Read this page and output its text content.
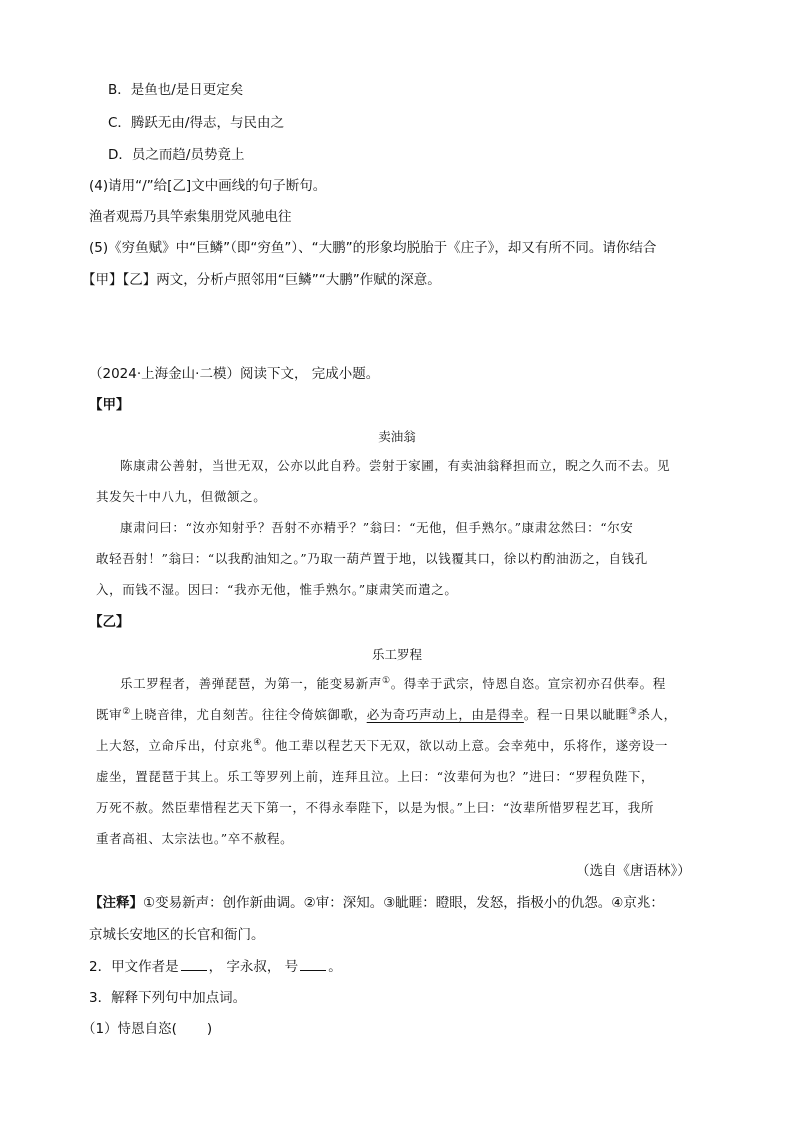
B．是鱼也/是日更定矣
C．腾跃无由/得志，与民由之
D．员之而趋/员势竟上
(4)请用“/”给[乙]文中画线的句子断句。
渔者观焉乃具竿索集朋党风驰电往
(5)《穷鱼赋》中“巨鳞”（即“穷鱼”）、“大鹏”的形象均脱胎于《庄子》，却又有所不同。请你结合
【甲】【乙】两文，分析卢照邻用“巨鳞”“大鹏”作赋的深意。
（2024·上海金山·二模）阅读下文， 完成小题。
【甲】
卖油翁
陈康肃公善射，当世无双，公亦以此自矜。尝射于家圃，有卖油翁释担而立，睨之久而不去。见
其发矢十中八九，但微颔之。
康肃问曰：“汝亦知射乎？吾射不亦精乎？”翁曰：“无他，但手熟尔。”康肃忿然曰：“尔安
敢轻吾射！”翁曰：“以我酌油知之。”乃取一葫芦置于地，以钱覆其口，徐以杓酌油沥之，自钱孔
入，而钱不湿。因曰：“我亦无他，惟手熟尔。”康肃笑而遣之。
【乙】
乐工罗程
乐工罗程者，善弹琵琶，为第一，能变易新声①。得幸于武宗，恃恩自恣。宣宗初亦召供奉。程
既审②上晓音律，尤自刻苦。往往令倚嫔御歌，必为奇巧声动上，由是得幸。程一日果以眦睚③杀人，
上大怒，立命斥出，付京兆④。他工辈以程艺天下无双，欲以动上意。会幸苑中，乐将作，遂旁设一
虚坐，置琵琶于其上。乐工等罗列上前，连拜且泣。上曰：“汝辈何为也？”进曰：“罗程负陛下，
万死不赦。然臣辈惜程艺天下第一，不得永奉陛下，以是为恨。”上曰：“汝辈所惜罗程艺耳，我所
重者高祖、太宗法也。”卒不赦程。
（选自《唐语林》）
【注释】①变易新声：创作新曲调。②审：深知。③眦睚：瞪眼，发怒，指极小的仇怨。④京兆：
京城长安地区的长官和衙门。
2．甲文作者是 ， 字永叔， 号 。
3．解释下列句中加点词。
（1）恃恩自恣( )
